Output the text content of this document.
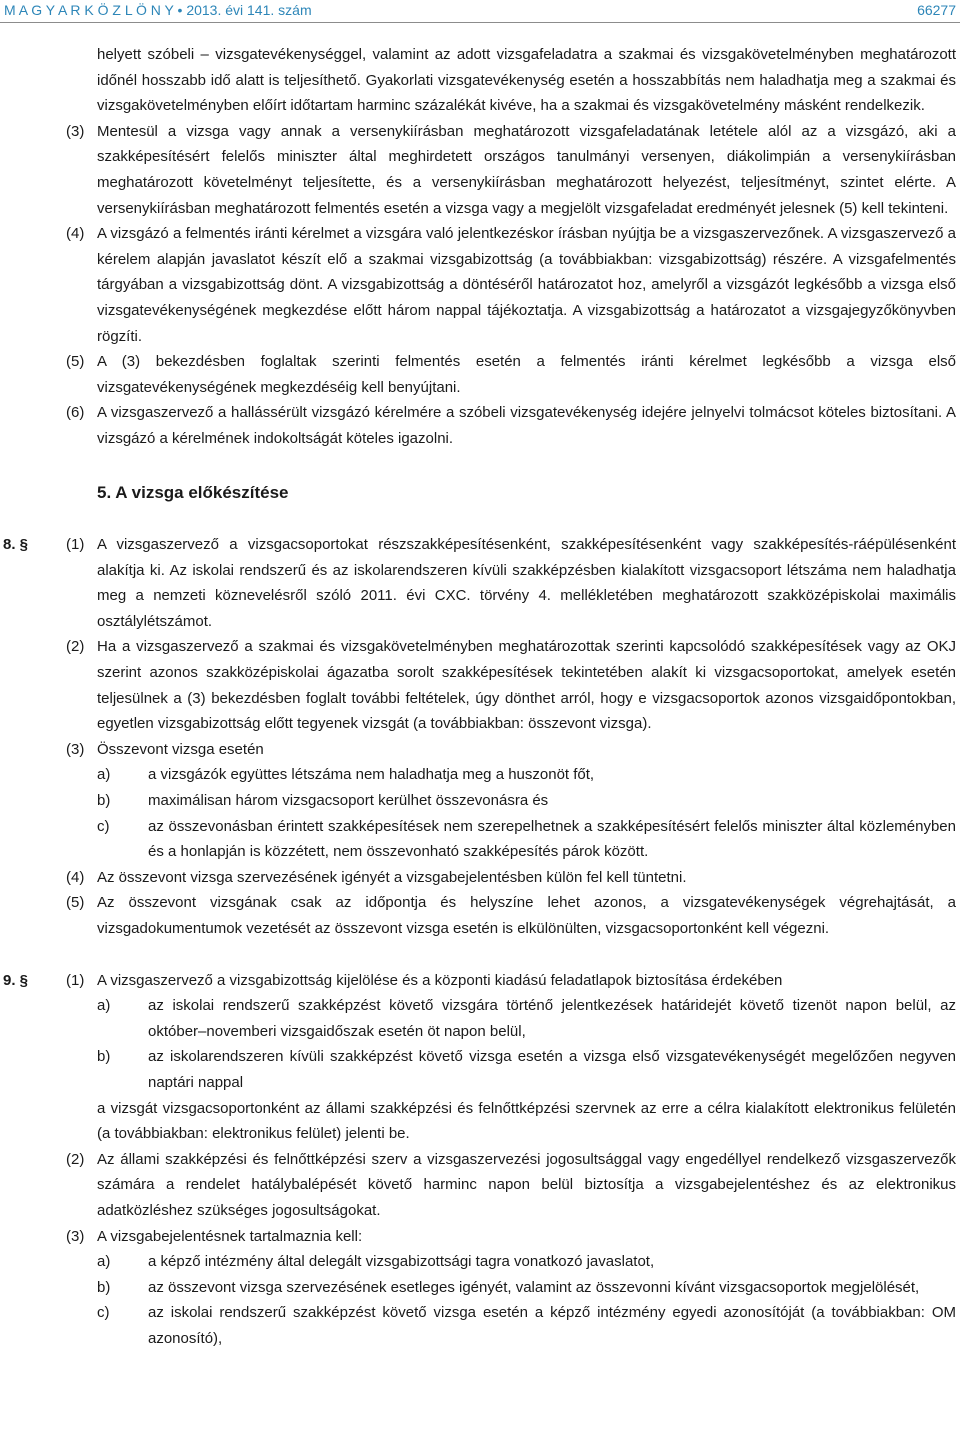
M A G Y A R K Ö Z L Ö N Y • 2013. évi 141. szám	66277

helyett szóbeli – vizsgatevékenységgel, valamint az adott vizsgafeladatra a szakmai és vizsgakövetelményben meghatározott időnél hosszabb idő alatt is teljesíthető. Gyakorlati vizsgatevékenység esetén a hosszabbítás nem haladhatja meg a szakmai és vizsgakövetelményben előírt időtartam harminc százalékát kivéve, ha a szakmai és vizsgakövetelmény másként rendelkezik.

(3) Mentesül a vizsga vagy annak a versenykiírásban meghatározott vizsgafeladatának letétele alól az a vizsgázó, aki a szakképesítésért felelős miniszter által meghirdetett országos tanulmányi versenyen, diákolimpián a versenykiírásban meghatározott követelményt teljesítette, és a versenykiírásban meghatározott helyezést, teljesítményt, szintet elérte. A versenykiírásban meghatározott felmentés esetén a vizsga vagy a megjelölt vizsgafeladat eredményét jelesnek (5) kell tekinteni.
(4) A vizsgázó a felmentés iránti kérelmet a vizsgára való jelentkezéskor írásban nyújtja be a vizsgaszervezőnek. A vizsgaszervező a kérelem alapján javaslatot készít elő a szakmai vizsgabizottság (a továbbiakban: vizsgabizottság) részére. A vizsgafelmentés tárgyában a vizsgabizottság dönt. A vizsgabizottság a döntéséről határozatot hoz, amelyről a vizsgázót legkésőbb a vizsga első vizsgatevékenységének megkezdése előtt három nappal tájékoztatja. A vizsgabizottság a határozatot a vizsgajegyzőkönyvben rögzíti.
(5) A (3) bekezdésben foglaltak szerinti felmentés esetén a felmentés iránti kérelmet legkésőbb a vizsga első vizsgatevékenységének megkezdéséig kell benyújtani.
(6) A vizsgaszervező a hallássérült vizsgázó kérelmére a szóbeli vizsgatevékenység idejére jelnyelvi tolmácsot köteles biztosítani. A vizsgázó a kérelmének indokoltságát köteles igazolni.
5. A vizsga előkészítése
8. §	(1) A vizsgaszervező a vizsgacsoportokat részszakképesítésenként, szakképesítésenként vagy szakképesítés-ráépülésenként alakítja ki. Az iskolai rendszerű és az iskolarendszeren kívüli szakképzésben kialakított vizsgacsoport létszáma nem haladhatja meg a nemzeti köznevelésről szóló 2011. évi CXC. törvény 4. mellékletében meghatározott szakközépiskolai maximális osztálylétszámot.
(2) Ha a vizsgaszervező a szakmai és vizsgakövetelményben meghatározottak szerinti kapcsolódó szakképesítések vagy az OKJ szerint azonos szakközépiskolai ágazatba sorolt szakképesítések tekintetében alakít ki vizsgacsoportokat, amelyek esetén teljesülnek a (3) bekezdésben foglalt további feltételek, úgy dönthet arról, hogy e vizsgacsoportok azonos vizsgaidőpontokban, egyetlen vizsgabizottság előtt tegyenek vizsgát (a továbbiakban: összevont vizsga).
(3) Összevont vizsga esetén
a)	a vizsgázók együttes létszáma nem haladhatja meg a huszonöt főt,
b)	maximálisan három vizsgacsoport kerülhet összevonásra és
c)	az összevonásban érintett szakképesítések nem szerepelhetnek a szakképesítésért felelős miniszter által közleményben és a honlapján is közzétett, nem összevonható szakképesítés párok között.
(4) Az összevont vizsga szervezésének igényét a vizsgabejelentésben külön fel kell tüntetni.
(5) Az összevont vizsgának csak az időpontja és helyszíne lehet azonos, a vizsgatevékenységek végrehajtását, a vizsgadokumentumok vezetését az összevont vizsga esetén is elkülönülten, vizsgacsoportonként kell végezni.
9. §	(1) A vizsgaszervező a vizsgabizottság kijelölése és a központi kiadású feladatlapok biztosítása érdekében
a)	az iskolai rendszerű szakképzést követő vizsgára történő jelentkezések határidejét követő tizenöt napon belül, az október–novemberi vizsgaidőszak esetén öt napon belül,
b)	az iskolarendszeren kívüli szakképzést követő vizsga esetén a vizsga első vizsgatevékenységét megelőzően negyven naptári nappal

a vizsgát vizsgacsoportonként az állami szakképzési és felnőttképzési szervnek az erre a célra kialakított elektronikus felületén (a továbbiakban: elektronikus felület) jelenti be.

(2) Az állami szakképzési és felnőttképzési szerv a vizsgaszervezési jogosultsággal vagy engedéllyel rendelkező vizsgaszervezők számára a rendelet hatálybalépését követő harminc napon belül biztosítja a vizsgabejelentéshez és az elektronikus adatközléshez szükséges jogosultságokat.
(3) A vizsgabejelentésnek tartalmaznia kell:
a)	a képző intézmény által delegált vizsgabizottsági tagra vonatkozó javaslatot,
b)	az összevont vizsga szervezésének esetleges igényét, valamint az összevonni kívánt vizsgacsoportok megjelölését,
c)	az iskolai rendszerű szakképzést követő vizsga esetén a képző intézmény egyedi azonosítóját (a továbbiakban: OM azonosító),
